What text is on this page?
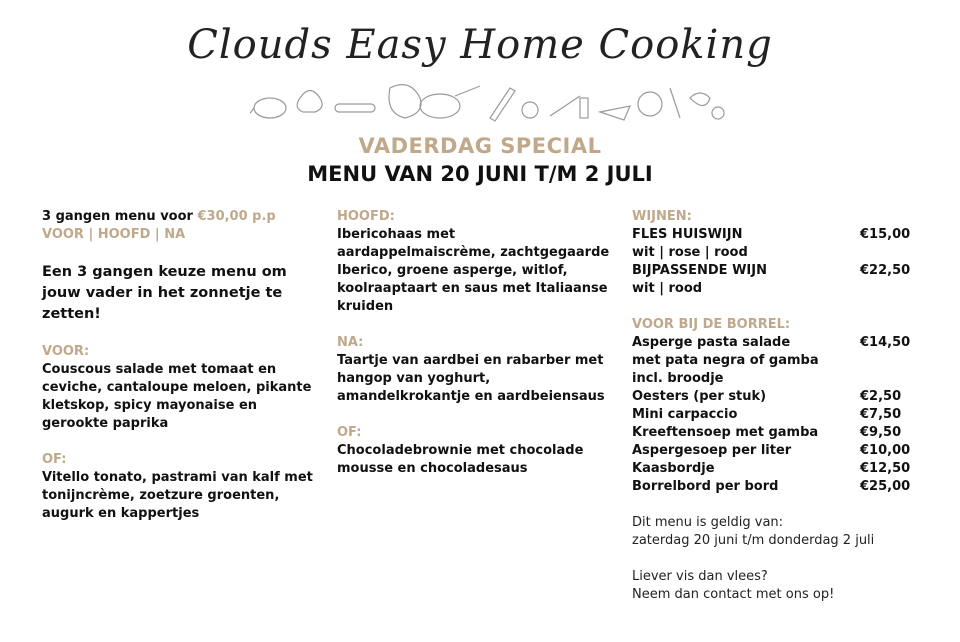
Clouds Easy Home Cooking
VADERDAG SPECIAL
MENU VAN 20 JUNI T/M 2 JULI
3 gangen menu voor €30,00 p.p
VOOR | HOOFD | NA
Een 3 gangen keuze menu om jouw vader in het zonnetje te zetten!
VOOR:
Couscous salade met tomaat en ceviche, cantaloupe meloen, pikante kletskop, spicy mayonaise en gerookte paprika
OF:
Vitello tonato, pastrami van kalf met tonijncrème, zoetzure groenten, augurk en kappertjes
HOOFD:
Ibericohaas met aardappelmaiscrème, zachtgegaarde Iberico, groene asperge, witlof, koolraaptaart en saus met Italiaanse kruiden
NA:
Taartje van aardbei en rabarber met hangop van yoghurt, amandelkrokantje en aardbeiensaus
OF:
Chocoladebrownie met chocolade mousse en chocoladesaus
WIJNEN:
FLES HUISWIJN	€15,00
wit | rose | rood
BIJPASSENDE WIJN	€22,50
wit | rood
VOOR BIJ DE BORREL:
Asperge pasta salade	€14,50
met pata negra of gamba
incl. broodje
Oesters (per stuk)	€2,50
Mini carpaccio	€7,50
Kreeftensoep met gamba	€9,50
Aspergesoep per liter	€10,00
Kaasbordje	€12,50
Borrelbord per bord	€25,00
Dit menu is geldig van:
zaterdag 20 juni t/m donderdag 2 juli
Liever vis dan vlees?
Neem dan contact met ons op!
